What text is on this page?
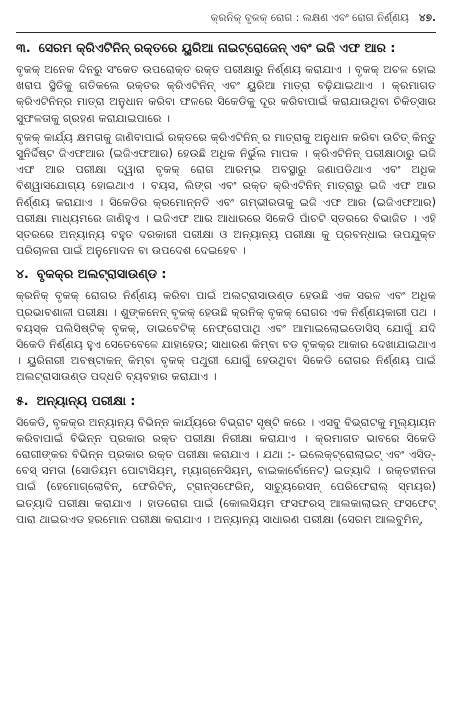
କ୍ରନିକ୍ ବୃକକ୍ ରୋଗ : ଲକ୍ଷଣ ଏବଂ ରୋଗ ନିର୍ଣ୍ଣୟ ୪୭.
୩. ସେରମ କ୍ରିଏଟିନିନ୍ ରକ୍ତରେ ୟୁରିଆ ନାଇଟ୍ରୋଜେନ୍ ଏବଂ ଇଜି ଏଫ ଆର :

ବୃକକ୍ ଅନେକ ଦିନରୁ ସଂକେତ ଉପରୋକ୍ତ ରକ୍ତ ପରୀକ୍ଷାରୁ ନିର୍ଣ୍ଣୟ କରାଯାଏ । ବୃକକ୍ ଅଚଳ ହୋଇ ଖରାପ ସ୍ଥିତିକୁ ଗତିକଲେ ରକ୍ତର କ୍ରିଏଟିନିନ୍ ଏବଂ ୟୁରିଆ ମାତ୍ରା ବଢ଼ିଯାଇଥାଏ । କ୍ରମାଗତ କ୍ରିଏଟିନିନ୍‌ର ମାତ୍ରା ଅନୁଧାନ କରିବା ଫଳରେ ସିକେଡିକୁ ଦୂର କରିବାପାଇଁ କରାଯାଉଥିବା ଚିକିତ୍ସାର ସୁଫଳତାକୁ ଗ୍ରହଣ କରାଯାଇପାରେ ।

ବୃକକ୍ କାର୍ଯ୍ୟ କ୍ଷମତାକୁ ଜାଣିବାପାଇଁ ରକ୍ତରେ କ୍ରିଏଟିନିନ୍ ର ମାତ୍ରାକୁ ଅନୁଧାନ କରିବା ଉଚିତ୍ କିନ୍ତୁ ସୁନିର୍ଦ୍ଦିଷ୍ଟ ଜିଏଫଆର (ଇଜିଏଫଆର) ହେଉଛି ଅଧିକ ନିର୍ଭୁଲ ମାପକ । କ୍ରିଏଟିନିନ୍ ପରୀକ୍ଷାଠାରୁ ଇଜି ଏଫ ଆର ପରୀକ୍ଷା ଦ୍ୱାରା ବୃକକ୍ ରୋଗ ଆରମ୍ଭ ଅବସ୍ଥାରୁ ଜଣାପଡିଥାଏ ଏବଂ ଅଧିକ ବିଶ୍ୱାସଯୋଗ୍ୟ ହୋଇଥାଏ । ବୟସ, ଲିଙ୍ଗ ଏବଂ ରକ୍ତ କ୍ରିଏଟିନିନ୍ ମାତ୍ରାରୁ ଇଜି ଏଫ ଆର ନିର୍ଣ୍ଣୟ କରାଯାଏ । ସିକେଡିର କ୍ରମୋନ୍ନତି ଏବଂ ଗମ୍ଭୀରତାକୁ ଇଜି ଏଫ ଆର (ଇଜିଏଫଆର) ପରୀକ୍ଷା ମାଧ୍ୟମରେ ଜାଣିହୁଏ । ଇଜିଏଫ ଆର ଆଧାରରେ ସିକେଡି ପାଁଚଟି ସ୍ତରରେ ବିଭାଜିତ । ଏହି ସ୍ତରରେ ଅନ୍ୟାନ୍ୟ ବହୁତ ଦରକାରୀ ପରୀକ୍ଷା ଓ ଅନ୍ୟାନ୍ୟ ପରୀକ୍ଷା କୁ ପ୍ରବନ୍ଧାଇ ଉପଯୁକ୍ତ ପରିଚାଳନା ପାଇଁ ଅନୁମୋଦନ ବା ଉପଦେଶ ଦେଇହେବ ।

୪. ବୃକକ୍‌ର ଅଲଟ୍ରାସାଉଣ୍ଡ :

କ୍ରନିକ୍ ବୃକକ୍ ରୋଗର ନିର୍ଣ୍ଣୟ କରିବା ପାଇଁ ଅଲଟ୍ରାସାଉଣ୍ଡ ହେଉଛି ଏକ ସରଳ ଏବଂ ଅଧିକ ପ୍ରଭାବଶାଳୀ ପରୀକ୍ଷା । ଶୁଙ୍କନେନ୍ ବୃକକ୍ ହେଉଛି କ୍ରନିକ୍ ବୃକକ୍ ରୋଗର ଏକ ନିର୍ଣ୍ଣୟକାରୀ ପଥ । ବୟସ୍କ ପଲିସିଷ୍ଟିକ୍ ବୃକକ୍, ଡାଇବେଟିକ୍ ନେଫ୍ରୋପାଥି ଏବଂ ଆମାଇଲୋଇଡୋସିସ୍ ଯୋଗୁଁ ଯଦି ସିକେଡି ନିର୍ଣ୍ଣୟ ହୁଏ ସେତେବେଳେ ଯାହାହେଉ; ସାଧାରଣ କିମ୍ବା ବଡ ବୃକକ୍‌ର ଆକାର ଦେଖାଯାଇଥାଏ । ୟୁରିନାରୀ ଅବଷ୍ଟାକନ୍ କିମ୍ବା ବୃକକ୍ ପଥୁରୀ ଯୋଗୁଁ ହେଉଥିବା ସିକେଡି ରୋଗର ନିର୍ଣ୍ଣୟ ପାଇଁ ଅଲଟ୍ରାସାଉଣ୍ଡ ପଦ୍ଧତି ବ୍ୟବହାର କରାଯାଏ ।

୫. ଅନ୍ୟାନ୍ୟ ପରୀକ୍ଷା :

ସିକେଡି, ବୃକକ୍‌ର ଅନ୍ୟାନ୍ୟ ବିଭିନ୍ନ କାର୍ଯ୍ୟରେ ବିଭ୍ରାଟ ସୃଷ୍ଟି କରେ । ଏସବୁ ବିଭ୍ରାଟକୁ ମୂଲ୍ୟାୟନ କରିବାପାଇଁ ବିଭିନ୍ନ ପ୍ରକାର ରକ୍ତ ପରୀକ୍ଷା ନିରୀକ୍ଷା କରାଯାଏ । କ୍ରମାଗତ ଭାବରେ ସିକେଡି ରୋଗୀଙ୍କର ବିଭିନ୍ନ ପ୍ରକାର ରକ୍ତ ପରୀକ୍ଷା କରାଯାଏ । ଯଥା :- ଇଲେକ୍‌ଟ୍ରୋଲାଇଟ୍ ଏବଂ ଏସିଡ୍-ବେସ୍ ସମତା (ସୋଡିୟମ ପୋଟାସିୟମ୍, ମ୍ୟାଗ୍ନେସିୟମ୍, ବାଇକାର୍ବୋନେଟ୍) ଇତ୍ୟାଦି । ରକ୍ତହୀନତା ପାଇଁ (ହେମୋଗ୍ଲୋବିନ୍, ଫେରିଟିନ୍, ଟ୍ରାନ୍ସଫେରିନ୍, ସାଚ୍ୟୁରେସନ୍ ପେରିଫେରାଲ୍ ସ୍ମୟର) ଇତ୍ୟାଦି ପରୀକ୍ଷା କରାଯାଏ । ହାଡରୋଗ ପାଇଁ (କୋଲସିୟମ ଫସଫରସ୍ ଆଲକାଲାଇନ୍ ଫସଫେଟ୍ ପାରା ଥାଇରଏଡ ହରମୋନ ପରୀକ୍ଷା କରାଯାଏ । ଅନ୍ୟାନ୍ୟ ସାଧାରଣ ପରୀକ୍ଷା (ସେରମ ଆଲବୁମିନ୍,
